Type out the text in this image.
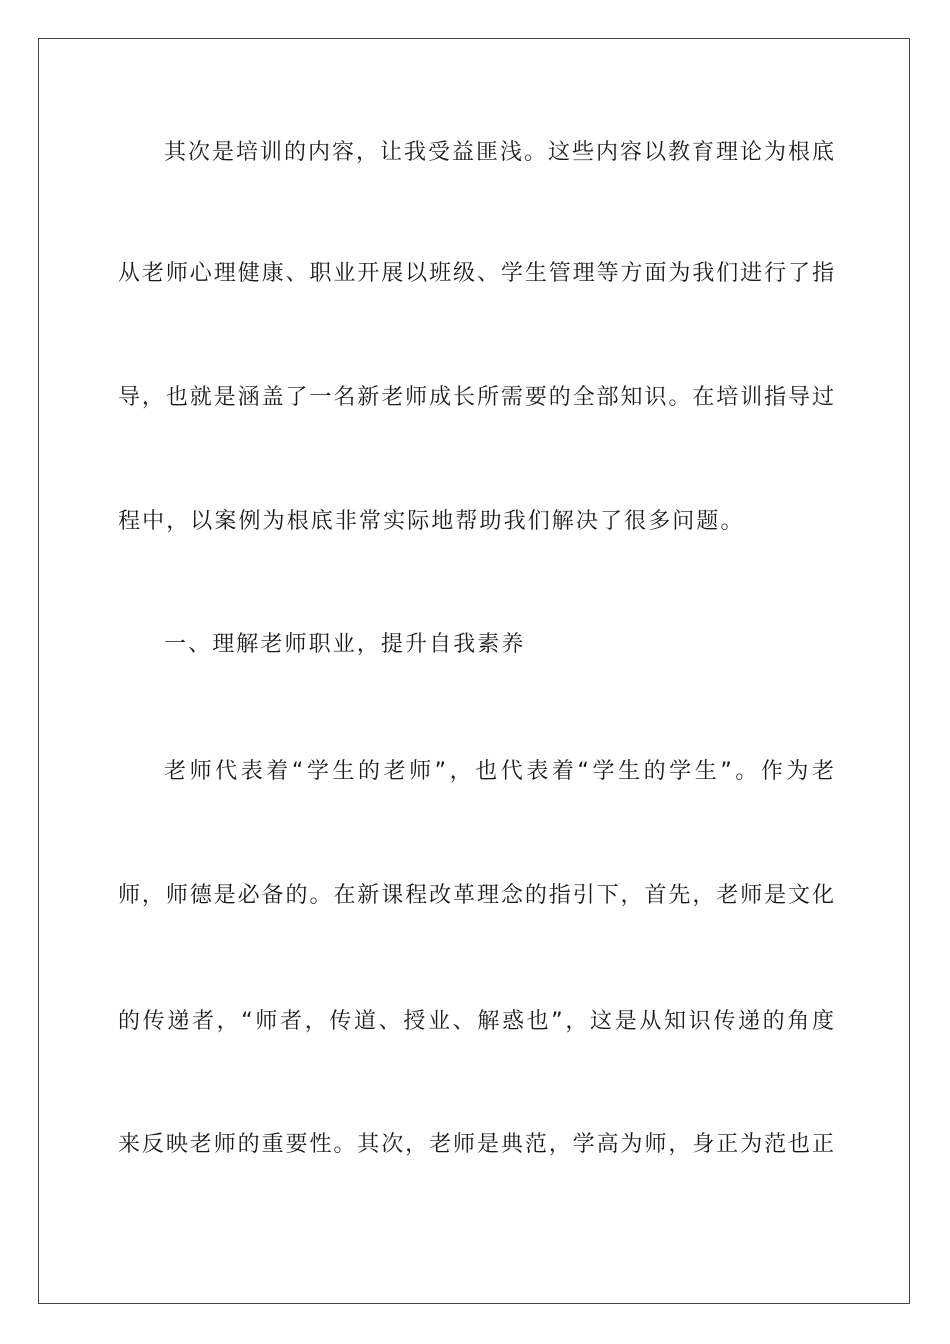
其次是培训的内容，让我受益匪浅。这些内容以教育理论为根底
从老师心理健康、职业开展以班级、学生管理等方面为我们进行了指
导，也就是涵盖了一名新老师成长所需要的全部知识。在培训指导过
程中，以案例为根底非常实际地帮助我们解决了很多问题。
一、理解老师职业，提升自我素养
老师代表着“学生的老师”，也代表着“学生的学生”。作为老
师，师德是必备的。在新课程改革理念的指引下，首先，老师是文化
的传递者，“师者，传道、授业、解惑也”，这是从知识传递的角度
来反映老师的重要性。其次，老师是典范，学高为师，身正为范也正
